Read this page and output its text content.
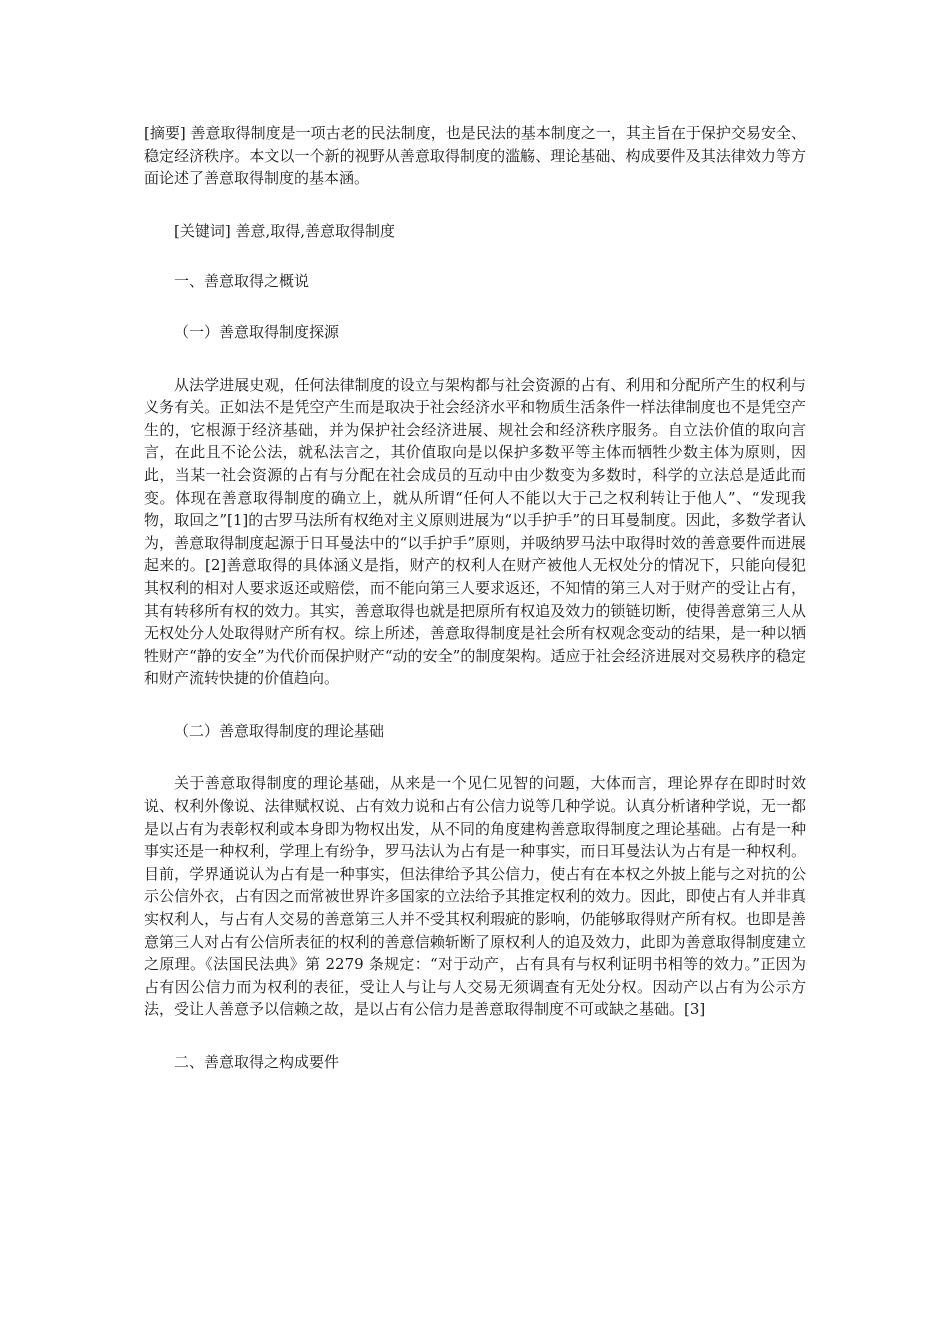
[摘要] 善意取得制度是一项古老的民法制度，也是民法的基本制度之一，其主旨在于保护交易安全、稳定经济秩序。本文以一个新的视野从善意取得制度的滥觞、理论基础、构成要件及其法律效力等方面论述了善意取得制度的基本涵。

[关键词] 善意,取得,善意取得制度

一、善意取得之概说

（一）善意取得制度探源

从法学进展史观，任何法律制度的设立与架构都与社会资源的占有、利用和分配所产生的权利与义务有关。正如法不是凭空产生而是取决于社会经济水平和物质生活条件一样法律制度也不是凭空产生的，它根源于经济基础，并为保护社会经济进展、规社会和经济秩序服务。自立法价值的取向言言，在此且不论公法，就私法言之，其价值取向是以保护多数平等主体而牺牲少数主体为原则，因此，当某一社会资源的占有与分配在社会成员的互动中由少数变为多数时，科学的立法总是适此而变。体现在善意取得制度的确立上，就从所谓“任何人不能以大于己之权利转让于他人”、“发现我物，取回之”[1]的古罗马法所有权绝对主义原则进展为“以手护手”的日耳曼制度。因此，多数学者认为，善意取得制度起源于日耳曼法中的“以手护手”原则，并吸纳罗马法中取得时效的善意要件而进展起来的。[2]善意取得的具体涵义是指，财产的权利人在财产被他人无权处分的情况下，只能向侵犯其权利的相对人要求返还或赔偿，而不能向第三人要求返还，不知情的第三人对于财产的受让占有，其有转移所有权的效力。其实，善意取得也就是把原所有权追及效力的锁链切断，使得善意第三人从无权处分人处取得财产所有权。综上所述，善意取得制度是社会所有权观念变动的结果，是一种以牺牲财产“静的安全”为代价而保护财产“动的安全”的制度架构。适应于社会经济进展对交易秩序的稳定和财产流转快捷的价值趋向。

（二）善意取得制度的理论基础

关于善意取得制度的理论基础，从来是一个见仁见智的问题，大体而言，理论界存在即时时效说、权利外像说、法律赋权说、占有效力说和占有公信力说等几种学说。认真分析诸种学说，无一都是以占有为表彰权利或本身即为物权出发，从不同的角度建构善意取得制度之理论基础。占有是一种事实还是一种权利，学理上有纷争，罗马法认为占有是一种事实，而日耳曼法认为占有是一种权利。目前，学界通说认为占有是一种事实，但法律给予其公信力，使占有在本权之外披上能与之对抗的公示公信外衣，占有因之而常被世界许多国家的立法给予其推定权利的效力。因此，即使占有人并非真实权利人，与占有人交易的善意第三人并不受其权利瑕疵的影响，仍能够取得财产所有权。也即是善意第三人对占有公信所表征的权利的善意信赖斩断了原权利人的追及效力，此即为善意取得制度建立之原理。《法国民法典》第 2279 条规定：“对于动产，占有具有与权利证明书相等的效力。”正因为占有因公信力而为权利的表征，受让人与让与人交易无须调查有无处分权。因动产以占有为公示方法，受让人善意予以信赖之故，是以占有公信力是善意取得制度不可或缺之基础。[3]

二、善意取得之构成要件
